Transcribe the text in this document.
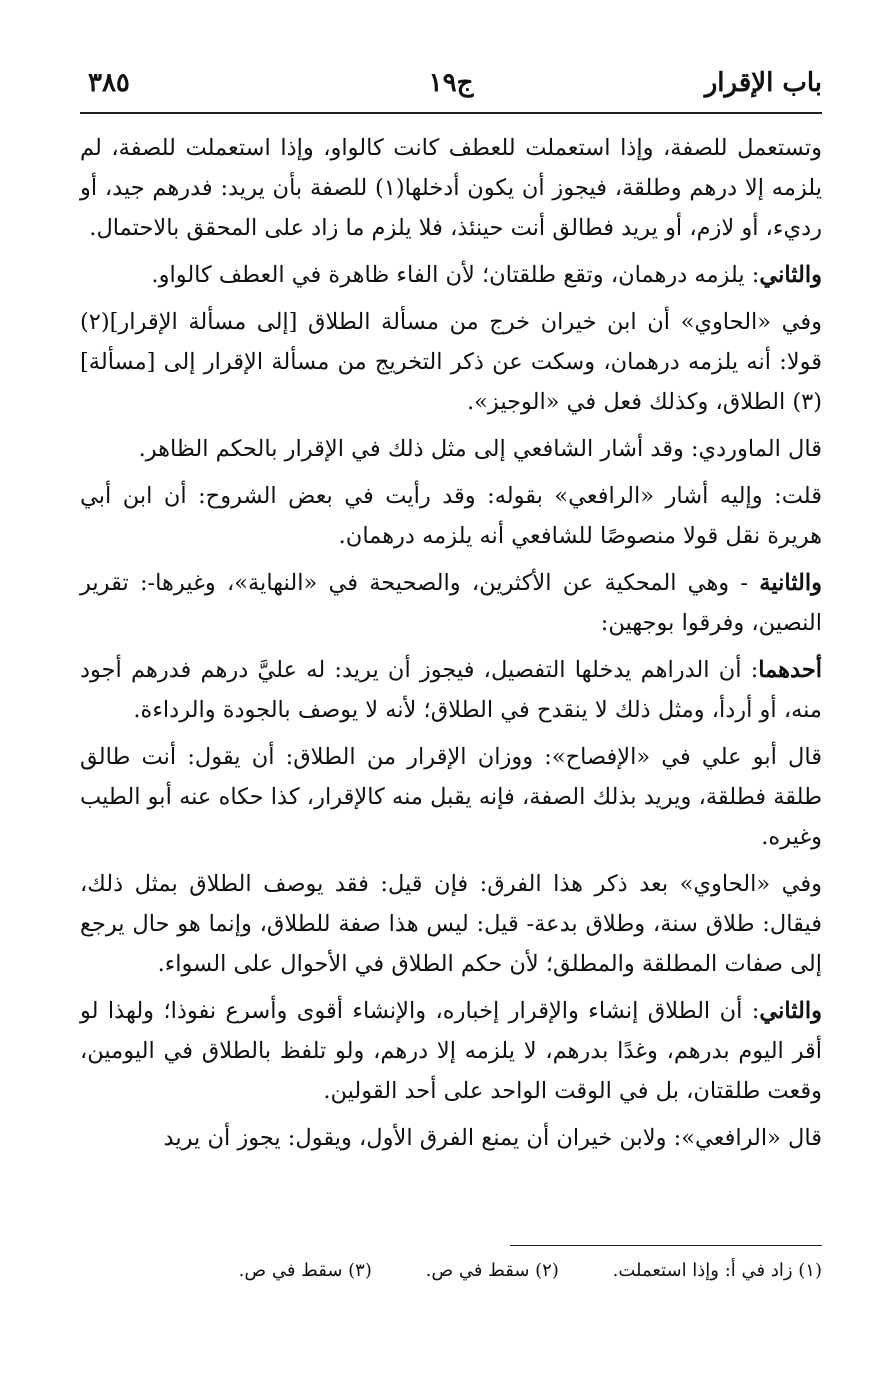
باب الإقرار
ج١٩
٣٨٥

وتستعمل للصفة، وإذا استعملت للعطف كانت كالواو، وإذا استعملت للصفة، لم يلزمه إلا درهم وطلقة، فيجوز أن يكون أدخلها(١) للصفة بأن يريد: فدرهم جيد، أو رديء، أو لازم، أو يريد فطالق أنت حينئذ، فلا يلزم ما زاد على المحقق بالاحتمال.

والثاني: يلزمه درهمان، وتقع طلقتان؛ لأن الفاء ظاهرة في العطف كالواو.

وفي «الحاوي» أن ابن خيران خرج من مسألة الطلاق [إلى مسألة الإقرار](٢) قولا: أنه يلزمه درهمان، وسكت عن ذكر التخريج من مسألة الإقرار إلى [مسألة](٣) الطلاق، وكذلك فعل في «الوجيز».

قال الماوردي: وقد أشار الشافعي إلى مثل ذلك في الإقرار بالحكم الظاهر.

قلت: وإليه أشار «الرافعي» بقوله: وقد رأيت في بعض الشروح: أن ابن أبي هريرة نقل قولا منصوصًا للشافعي أنه يلزمه درهمان.

والثانية - وهي المحكية عن الأكثرين، والصحيحة في «النهاية»، وغيرها-: تقرير النصين، وفرقوا بوجهين:

أحدهما: أن الدراهم يدخلها التفصيل، فيجوز أن يريد: له عليَّ درهم فدرهم أجود منه، أو أردأ، ومثل ذلك لا ينقدح في الطلاق؛ لأنه لا يوصف بالجودة والرداءة.

قال أبو علي في «الإفصاح»: ووزان الإقرار من الطلاق: أن يقول: أنت طالق طلقة فطلقة، ويريد بذلك الصفة، فإنه يقبل منه كالإقرار، كذا حكاه عنه أبو الطيب وغيره.

وفي «الحاوي» بعد ذكر هذا الفرق: فإن قيل: فقد يوصف الطلاق بمثل ذلك، فيقال: طلاق سنة، وطلاق بدعة- قيل: ليس هذا صفة للطلاق، وإنما هو حال يرجع إلى صفات المطلقة والمطلق؛ لأن حكم الطلاق في الأحوال على السواء.

والثاني: أن الطلاق إنشاء والإقرار إخباره، والإنشاء أقوى وأسرع نفوذا؛ ولهذا لو أقر اليوم بدرهم، وغدًا بدرهم، لا يلزمه إلا درهم، ولو تلفظ بالطلاق في اليومين، وقعت طلقتان، بل في الوقت الواحد على أحد القولين.

قال «الرافعي»: ولابن خيران أن يمنع الفرق الأول، ويقول: يجوز أن يريد

(١) زاد في أ: وإذا استعملت. (٢) سقط في ص. (٣) سقط في ص.
